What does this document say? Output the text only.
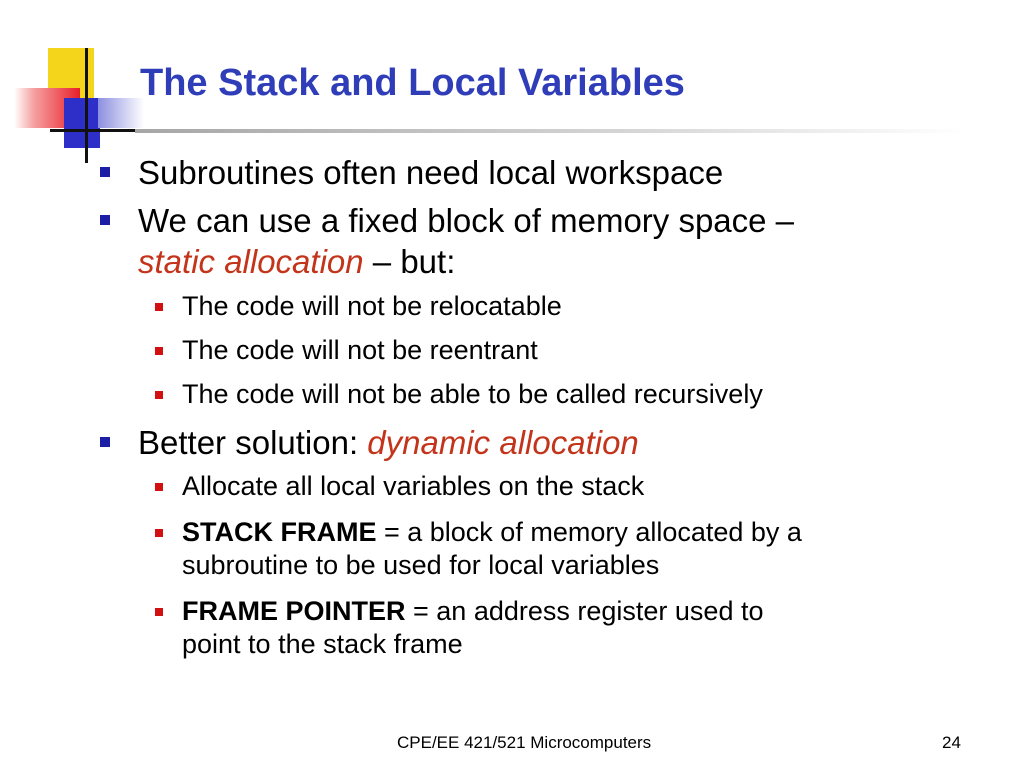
The Stack and Local Variables
Subroutines often need local workspace
We can use a fixed block of memory space –
static allocation – but:
The code will not be relocatable
The code will not be reentrant
The code will not be able to be called recursively
Better solution: dynamic allocation
Allocate all local variables on the stack
STACK FRAME = a block of memory allocated by a
subroutine to be used for local variables
FRAME POINTER = an address register used to
point to the stack frame
CPE/EE 421/521 Microcomputers	24
